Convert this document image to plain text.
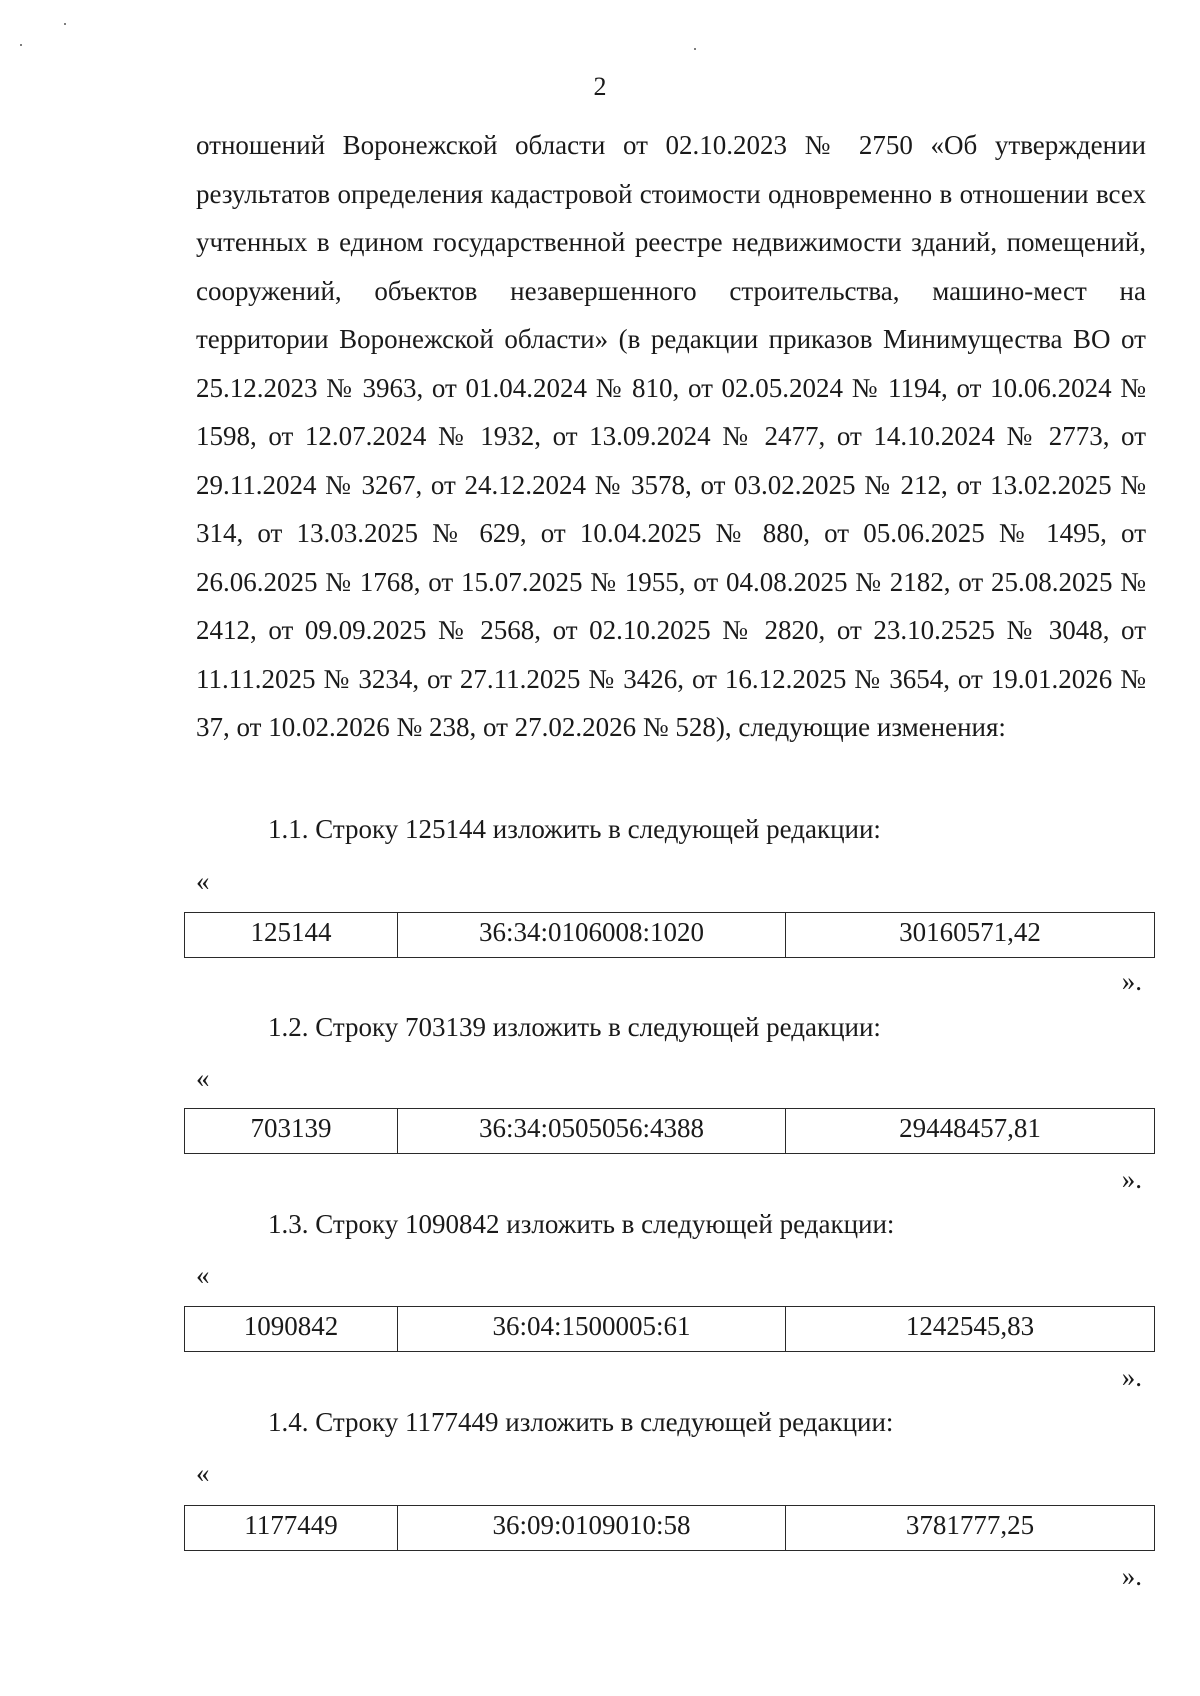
2

отношений Воронежской области от 02.10.2023 № 2750 «Об утверждении результатов определения кадастровой стоимости одновременно в отношении всех учтенных в едином государственной реестре недвижимости зданий, помещений, сооружений, объектов незавершенного строительства, машино-мест на территории Воронежской области» (в редакции приказов Минимущества ВО от 25.12.2023 № 3963, от 01.04.2024 № 810, от 02.05.2024 № 1194, от 10.06.2024 № 1598, от 12.07.2024 № 1932, от 13.09.2024 № 2477, от 14.10.2024 № 2773, от 29.11.2024 № 3267, от 24.12.2024 № 3578, от 03.02.2025 № 212, от 13.02.2025 № 314, от 13.03.2025 № 629, от 10.04.2025 № 880, от 05.06.2025 № 1495, от 26.06.2025 № 1768, от 15.07.2025 № 1955, от 04.08.2025 № 2182, от 25.08.2025 № 2412, от 09.09.2025 № 2568, от 02.10.2025 № 2820, от 23.10.2525 № 3048, от 11.11.2025 № 3234, от 27.11.2025 № 3426, от 16.12.2025 № 3654, от 19.01.2026 № 37, от 10.02.2026 № 238, от 27.02.2026 № 528), следующие изменения:

1.1. Строку 125144 изложить в следующей редакции:
«
125144	36:34:0106008:1020	30160571,42
».
1.2. Строку 703139 изложить в следующей редакции:
«
703139	36:34:0505056:4388	29448457,81
».
1.3. Строку 1090842 изложить в следующей редакции:
«
1090842	36:04:1500005:61	1242545,83
».
1.4. Строку 1177449 изложить в следующей редакции:
«
1177449	36:09:0109010:58	3781777,25
».
